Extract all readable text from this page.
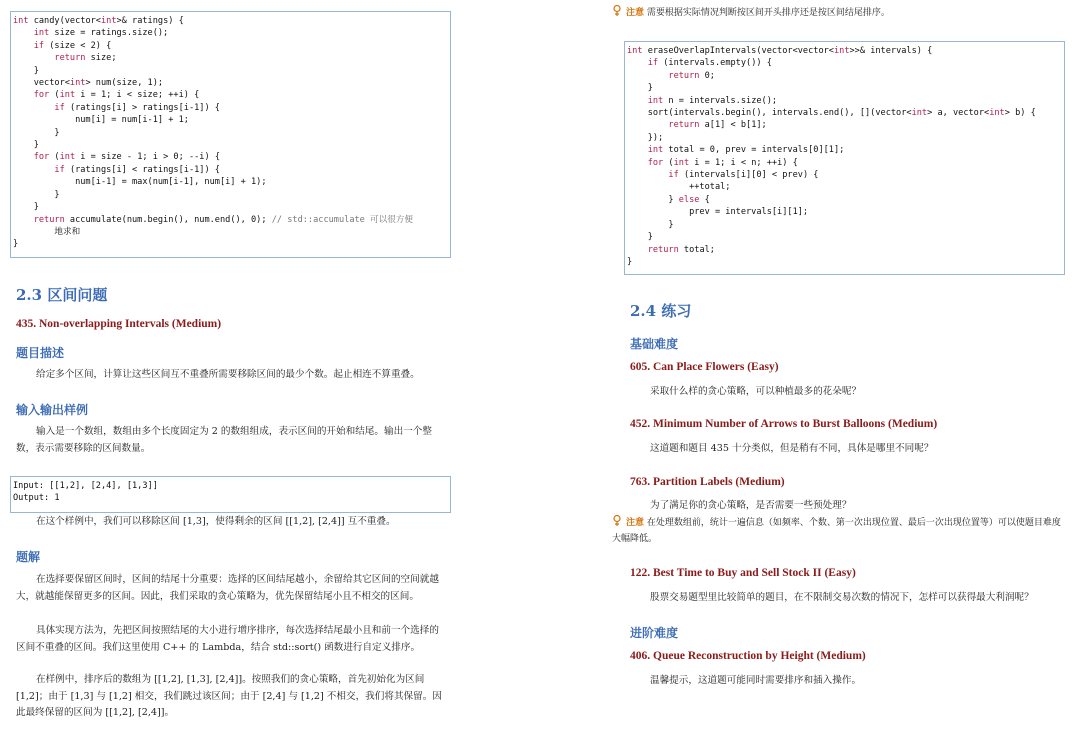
int candy(vector<int>& ratings) {
int size = ratings.size();
if (size < 2) {
return size;
}
vector<int> num(size, 1);
for (int i = 1; i < size; ++i) {
if (ratings[i] > ratings[i-1]) {
num[i] = num[i-1] + 1;
}
}
for (int i = size - 1; i > 0; --i) {
if (ratings[i] < ratings[i-1]) {
num[i-1] = max(num[i-1], num[i] + 1);
}
}
return accumulate(num.begin(), num.end(), 0); // std::accumulate 可以很方便
地求和
}
2.3 区间问题
435. Non-overlapping Intervals (Medium)
题目描述
给定多个区间，计算让这些区间互不重叠所需要移除区间的最少个数。起止相连不算重叠。
输入输出样例
输入是一个数组，数组由多个长度固定为 2 的数组组成，表示区间的开始和结尾。输出一个整数，表示需要移除的区间数量。
Input: [[1,2], [2,4], [1,3]]
Output: 1
在这个样例中，我们可以移除区间 [1,3]，使得剩余的区间 [[1,2], [2,4]] 互不重叠。
题解
在选择要保留区间时，区间的结尾十分重要：选择的区间结尾越小，余留给其它区间的空间就越大，就越能保留更多的区间。因此，我们采取的贪心策略为，优先保留结尾小且不相交的区间。
具体实现方法为，先把区间按照结尾的大小进行增序排序，每次选择结尾最小且和前一个选择的区间不重叠的区间。我们这里使用 C++ 的 Lambda，结合 std::sort() 函数进行自定义排序。
在样例中，排序后的数组为 [[1,2], [1,3], [2,4]]。按照我们的贪心策略，首先初始化为区间 [1,2]；由于 [1,3] 与 [1,2] 相交，我们跳过该区间；由于 [2,4] 与 [1,2] 不相交，我们将其保留。因此最终保留的区间为 [[1,2], [2,4]]。
注意 需要根据实际情况判断按区间开头排序还是按区间结尾排序。
int eraseOverlapIntervals(vector<vector<int>>& intervals) {
if (intervals.empty()) {
return 0;
}
int n = intervals.size();
sort(intervals.begin(), intervals.end(), [](vector<int> a, vector<int> b) {
return a[1] < b[1];
});
int total = 0, prev = intervals[0][1];
for (int i = 1; i < n; ++i) {
if (intervals[i][0] < prev) {
++total;
} else {
prev = intervals[i][1];
}
}
return total;
}
2.4 练习
基础难度
605. Can Place Flowers (Easy)
采取什么样的贪心策略，可以种植最多的花朵呢？
452. Minimum Number of Arrows to Burst Balloons (Medium)
这道题和题目 435 十分类似，但是稍有不同，具体是哪里不同呢？
763. Partition Labels (Medium)
为了满足你的贪心策略，是否需要一些预处理？
注意 在处理数组前，统计一遍信息（如频率、个数、第一次出现位置、最后一次出现位置等）可以使题目难度大幅降低。
122. Best Time to Buy and Sell Stock II (Easy)
股票交易题型里比较简单的题目，在不限制交易次数的情况下，怎样可以获得最大利润呢？
进阶难度
406. Queue Reconstruction by Height (Medium)
温馨提示，这道题可能同时需要排序和插入操作。
